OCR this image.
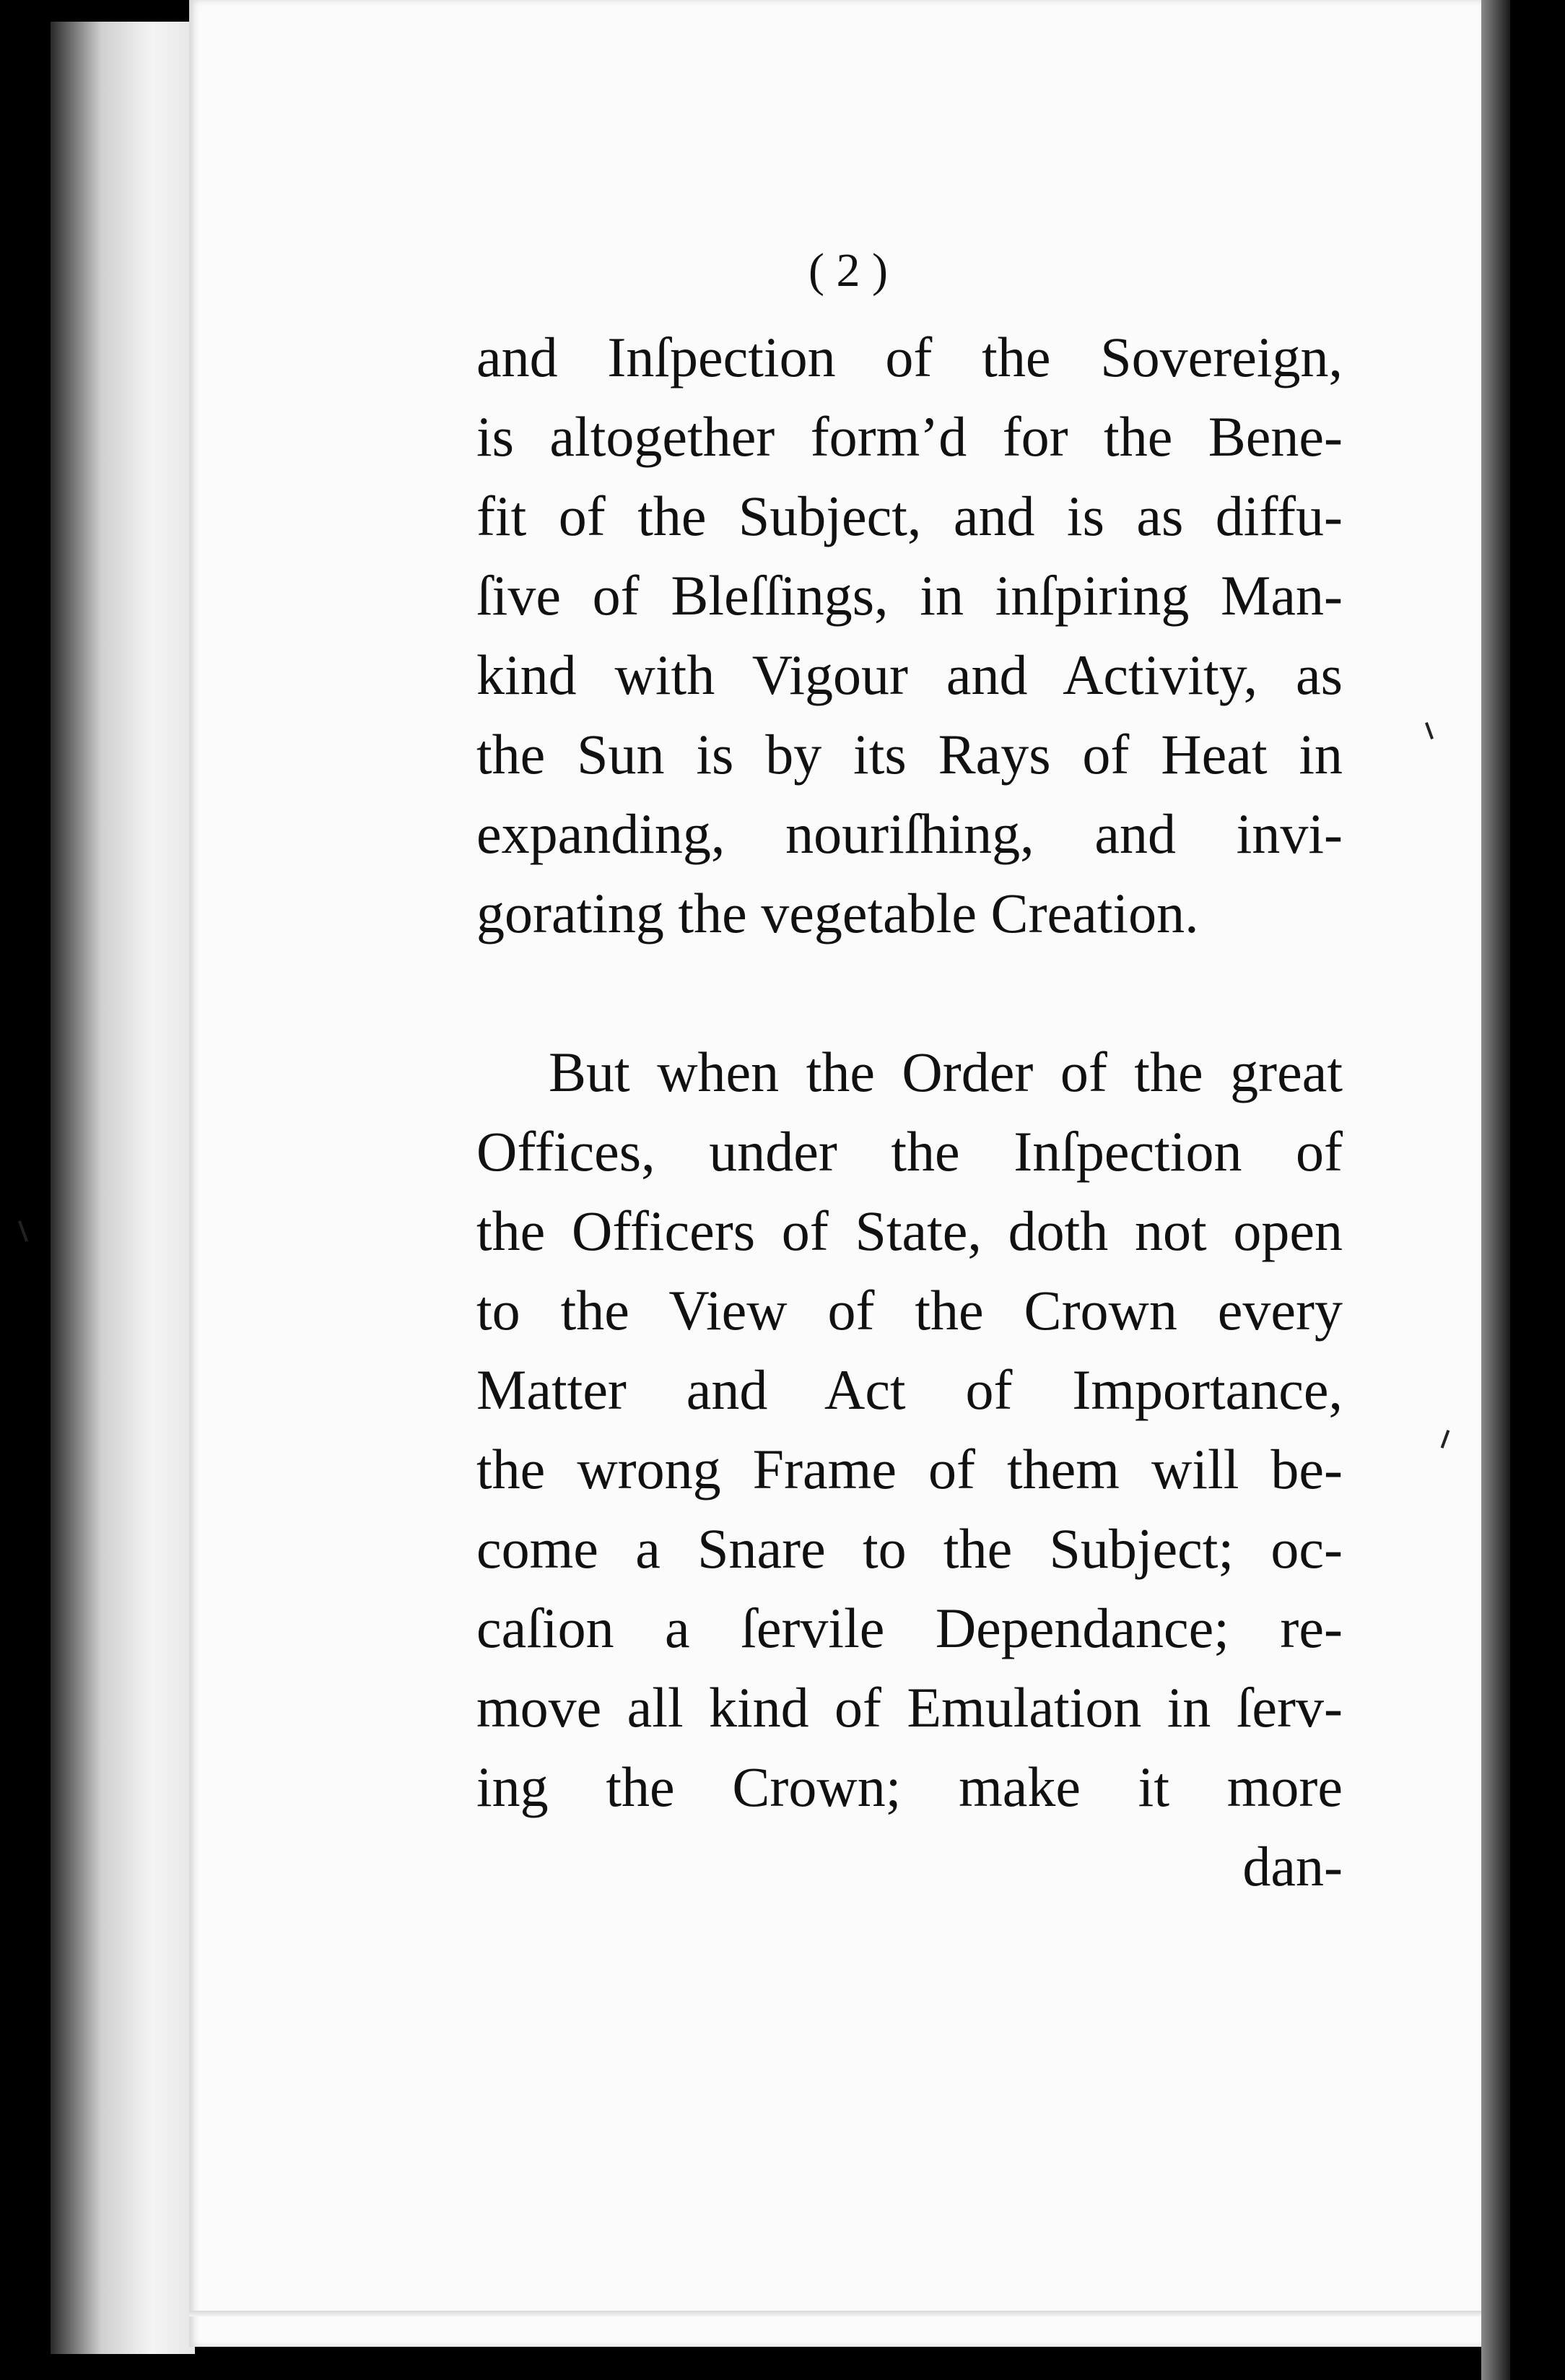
( 2 )

and Inſpection of the Sovereign,
is altogether form’d for the Bene-
fit of the Subject, and is as diffu-
ſive of Bleſſings, in inſpiring Man-
kind with Vigour and Activity, as
the Sun is by its Rays of Heat in
expanding, nouriſhing, and invi-
gorating the vegetable Creation.

But when the Order of the great
Offices, under the Inſpection of
the Officers of State, doth not open
to the View of the Crown every
Matter and Act of Importance,
the wrong Frame of them will be-
come a Snare to the Subject; oc-
caſion a ſervile Dependance; re-
move all kind of Emulation in ſerv-
ing the Crown; make it more

dan-
